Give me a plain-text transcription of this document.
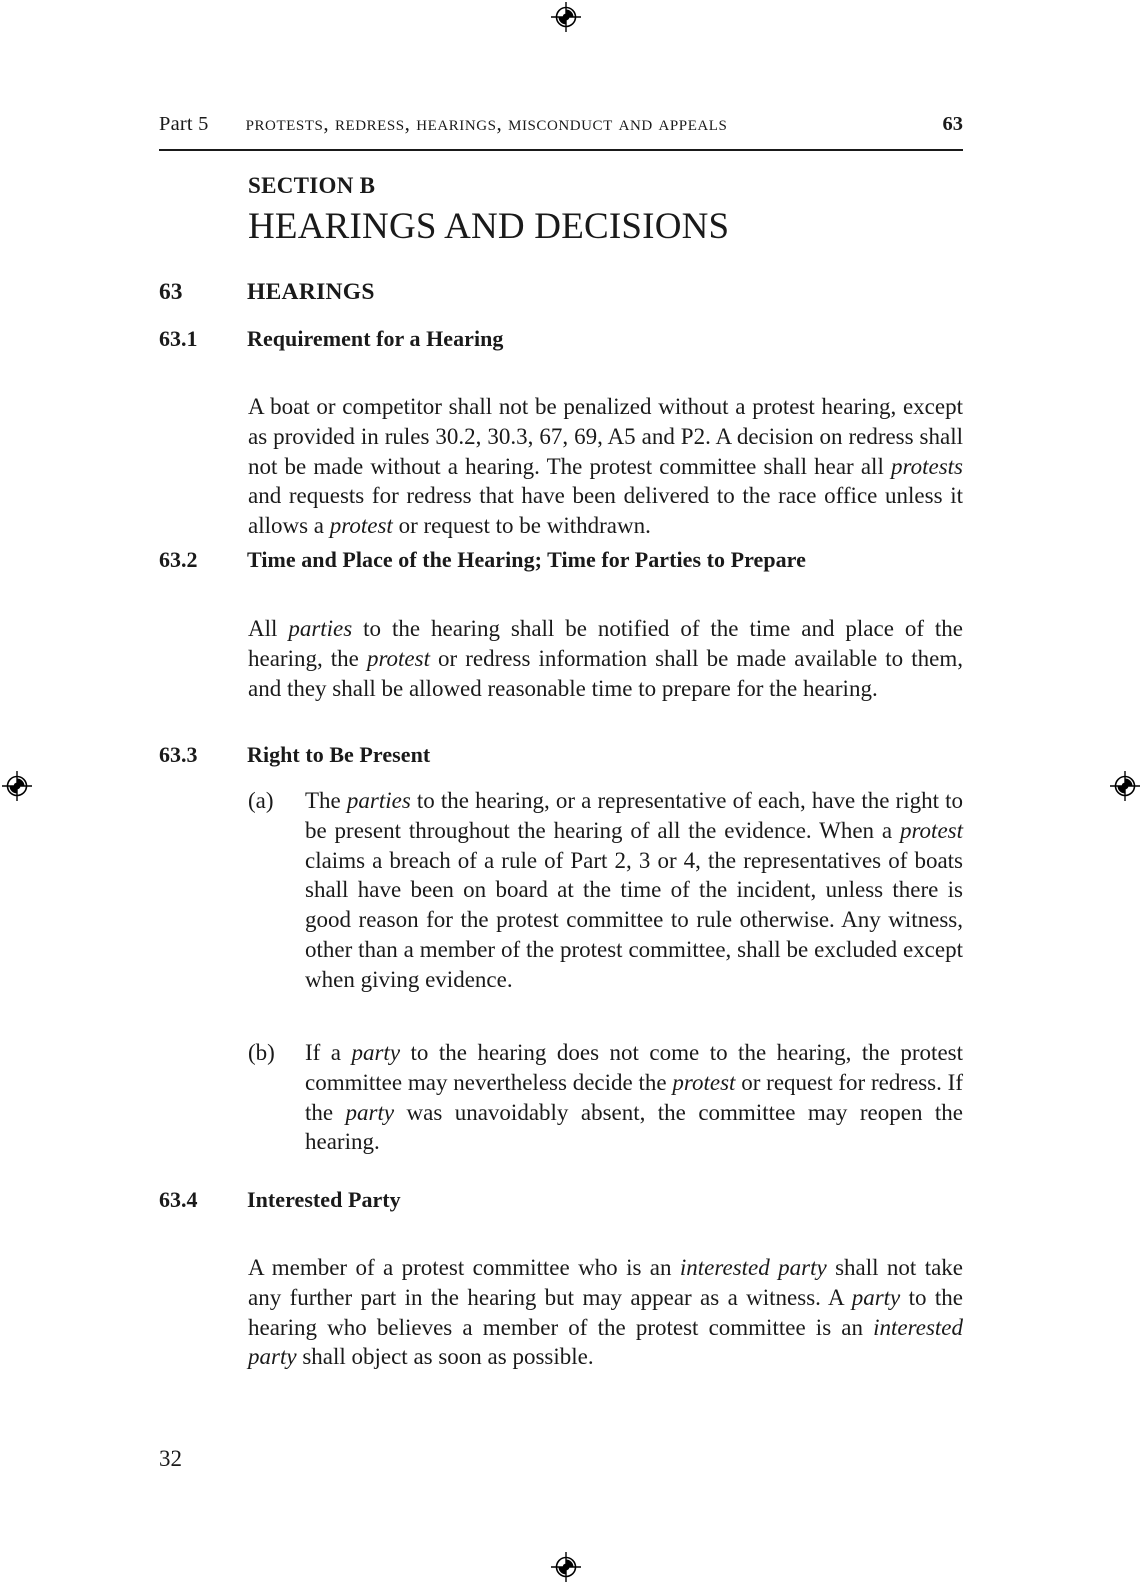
Part 5 protests, redress, hearings, misconduct and appeals	63
SECTION B
HEARINGS AND DECISIONS
63	HEARINGS
63.1	Requirement for a Hearing

A boat or competitor shall not be penalized without a protest hearing, except as provided in rules 30.2, 30.3, 67, 69, A5 and P2. A decision on redress shall not be made without a hearing. The protest committee shall hear all protests and requests for redress that have been delivered to the race office unless it allows a protest or request to be withdrawn.

63.2	Time and Place of the Hearing; Time for Parties to Prepare

All parties to the hearing shall be notified of the time and place of the hearing, the protest or redress information shall be made available to them, and they shall be allowed reasonable time to prepare for the hearing.

63.3	Right to Be Present
(a)	The parties to the hearing, or a representative of each, have the right to be present throughout the hearing of all the evidence. When a protest claims a breach of a rule of Part 2, 3 or 4, the representatives of boats shall have been on board at the time of the incident, unless there is good reason for the protest committee to rule otherwise. Any witness, other than a member of the protest committee, shall be excluded except when giving evidence.
(b)	If a party to the hearing does not come to the hearing, the protest committee may nevertheless decide the protest or request for redress. If the party was unavoidably absent, the committee may reopen the hearing.
63.4	Interested Party

A member of a protest committee who is an interested party shall not take any further part in the hearing but may appear as a witness. A party to the hearing who believes a member of the protest committee is an interested party shall object as soon as possible.

32
